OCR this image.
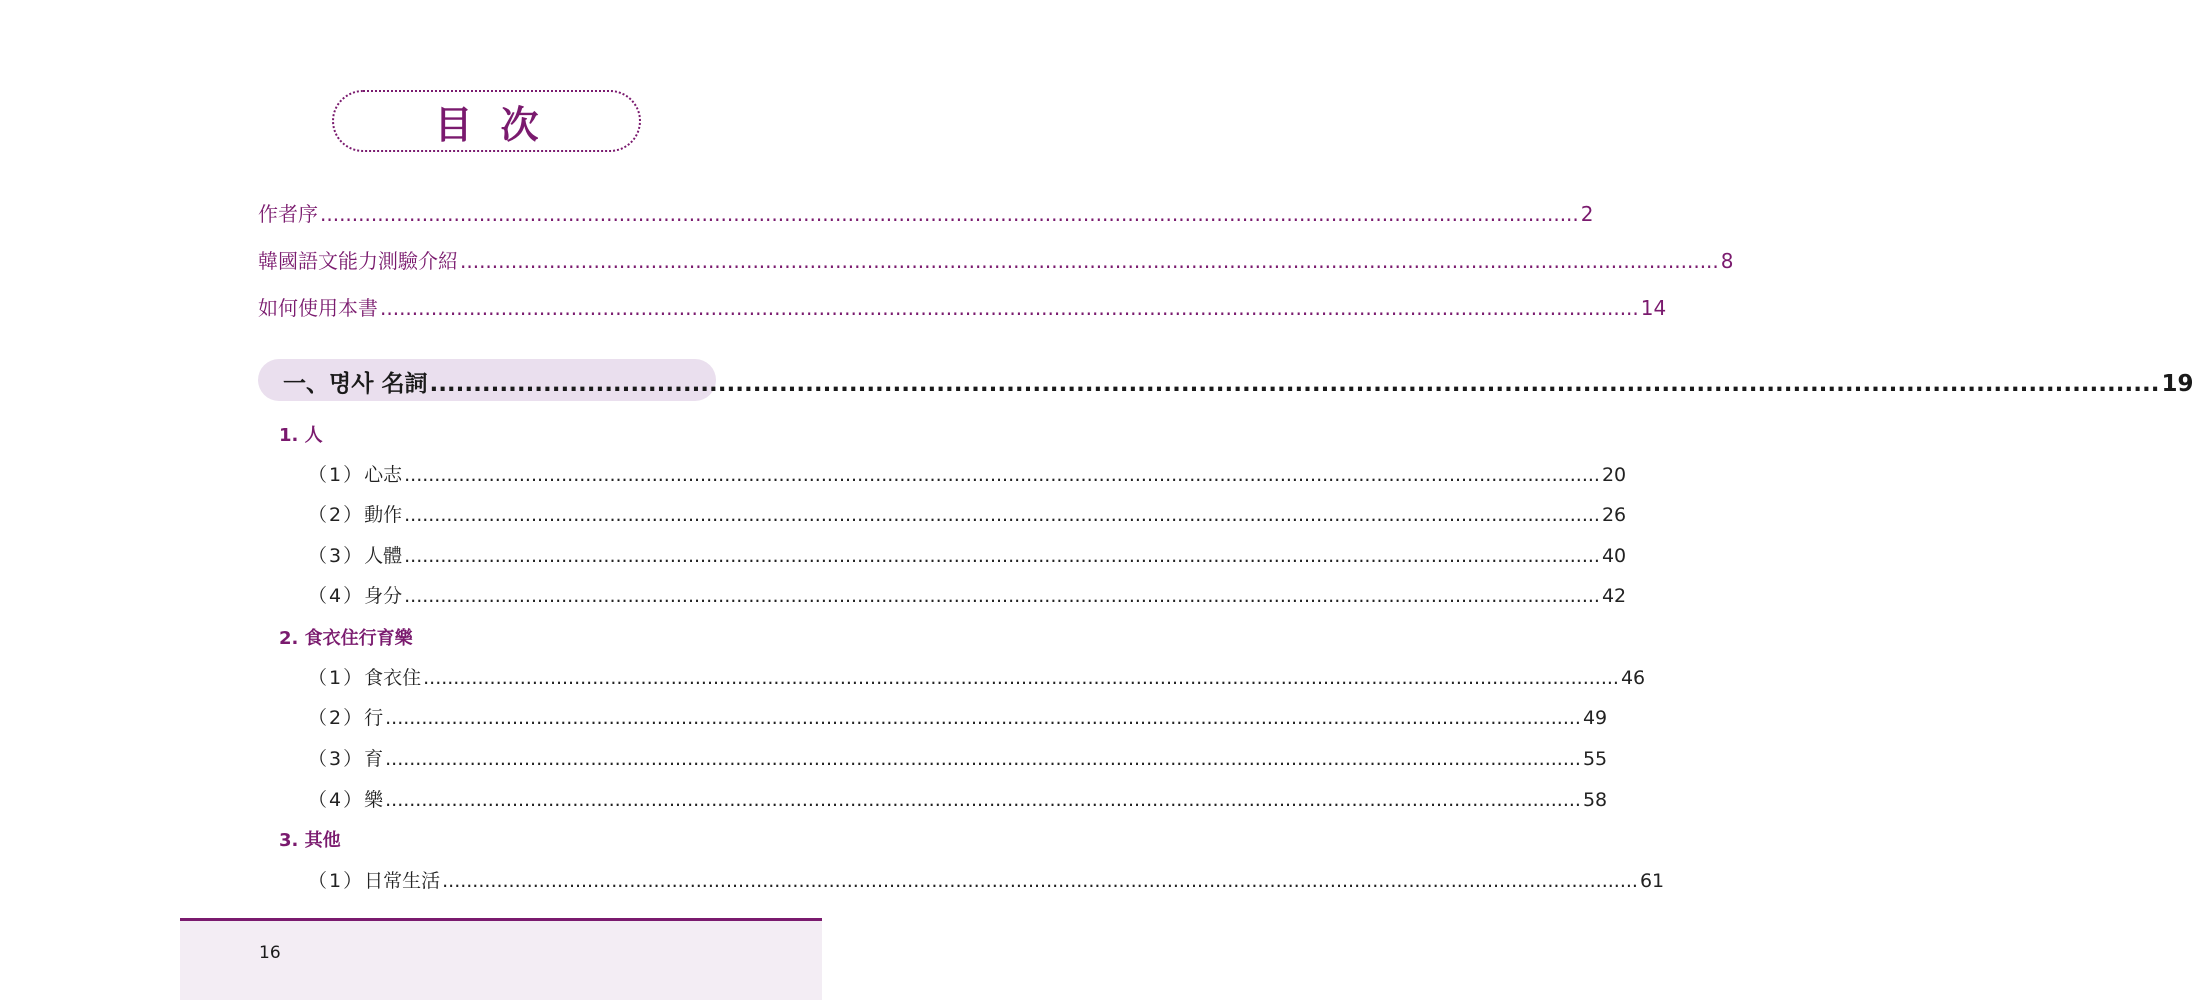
目次
作者序 ...................................................................................................................................................................................................... 2
韓國語文能力測驗介紹 ...................................................................................................................................................................................................... 8
如何使用本書 ...................................................................................................................................................................................................... 14
一、명사 名詞 ...................................................................................................................................................................................................... 19
1. 人
（1）心志 ...................................................................................................................................................................................................... 20
（2）動作 ...................................................................................................................................................................................................... 26
（3）人體 ...................................................................................................................................................................................................... 40
（4）身分 ...................................................................................................................................................................................................... 42
2. 食衣住行育樂
（1）食衣住 ...................................................................................................................................................................................................... 46
（2）行 ...................................................................................................................................................................................................... 49
（3）育 ...................................................................................................................................................................................................... 55
（4）樂 ...................................................................................................................................................................................................... 58
3. 其他
（1）日常生活 ...................................................................................................................................................................................................... 61
16
